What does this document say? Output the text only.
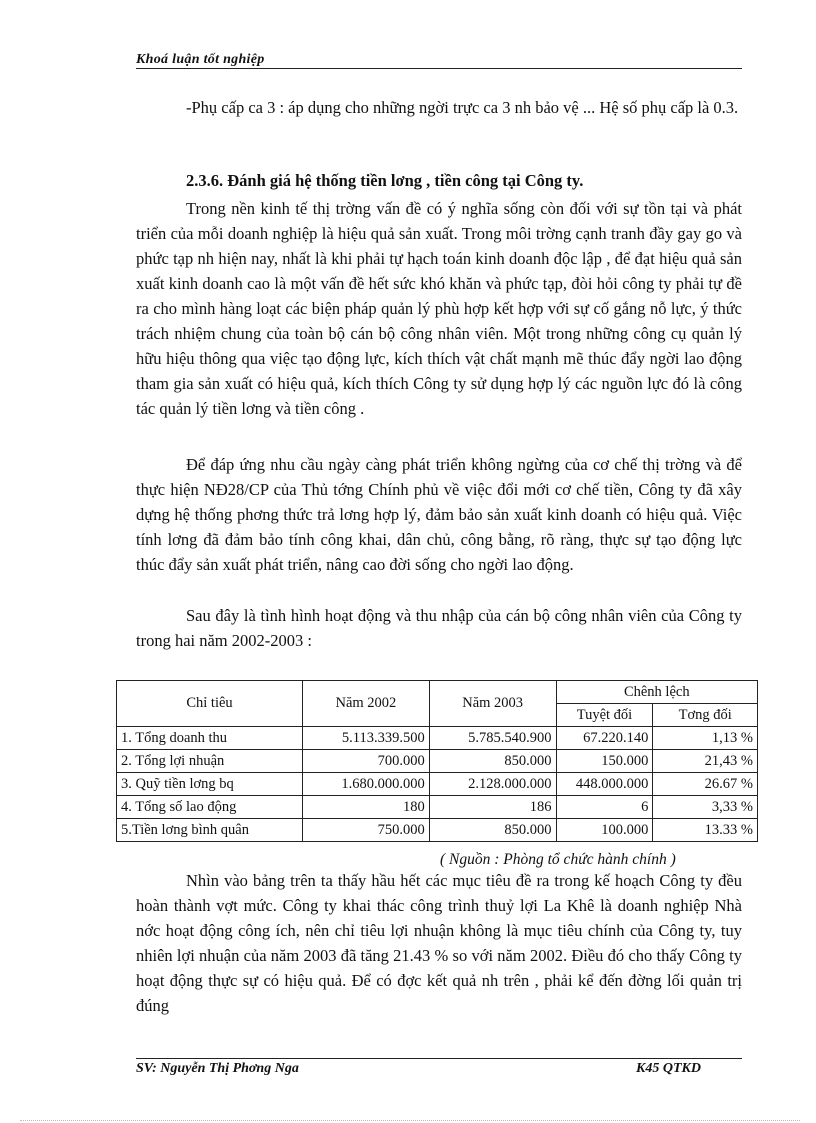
Khoá luận tốt nghiệp
-Phụ cấp ca 3 : áp dụng cho những ngời trực ca 3 nh bảo vệ ... Hệ số phụ cấp là 0.3.
2.3.6. Đánh giá hệ thống tiền lơng , tiền công tại Công ty.
Trong nền kinh tế thị trờng vấn đề có ý nghĩa sống còn đối với sự tồn tại và phát triển của mỗi doanh nghiệp là hiệu quả sản xuất. Trong môi trờng cạnh tranh đầy gay go và phức tạp nh hiện nay, nhất là khi phải tự hạch toán kinh doanh độc lập , để đạt hiệu quả sản xuất kinh doanh cao là một vấn đề hết sức khó khăn và phức tạp, đòi hỏi công ty phải tự đề ra cho mình hàng loạt các biện pháp quản lý phù hợp kết hợp với sự cố gắng nỗ lực, ý thức trách nhiệm chung của toàn bộ cán bộ công nhân viên. Một trong những công cụ quản lý hữu hiệu thông qua việc tạo động lực, kích thích vật chất mạnh mẽ thúc đẩy ngời lao động tham gia sản xuất có hiệu quả, kích thích Công ty sử dụng hợp lý các nguồn lực đó là công tác quản lý tiền lơng và tiền công .
Để đáp ứng nhu cầu ngày càng phát triển không ngừng của cơ chế thị trờng và để thực hiện NĐ28/CP của Thủ tớng Chính phủ về việc đổi mới cơ chế tiền, Công ty đã xây dựng hệ thống phơng thức trả lơng hợp lý, đảm bảo sản xuất kinh doanh có hiệu quả. Việc tính lơng đã đảm bảo tính công khai, dân chủ, công bằng, rõ ràng, thực sự tạo động lực thúc đẩy sản xuất phát triển, nâng cao đời sống cho ngời lao động.
Sau đây là tình hình hoạt động và thu nhập của cán bộ công nhân viên của Công ty trong hai năm 2002-2003 :
Chỉ tiêu	Năm 2002	Năm 2003	Chênh lệch	
			Tuyệt đối	Tơng đối
1. Tổng doanh thu	5.113.339.500	5.785.540.900	67.220.140	1,13 %
2. Tổng lợi nhuận	700.000	850.000	150.000	21,43 %
3. Quỹ tiền lơng bq	1.680.000.000	2.128.000.000	448.000.000	26.67 %
4. Tổng số lao động	180	186	6	3,33 %
5.Tiền lơng bình quân	750.000	850.000	100.000	13.33 %
( Nguồn : Phòng tổ chức hành chính )
Nhìn vào bảng trên ta thấy hầu hết các mục tiêu đề ra trong kế hoạch Công ty đều hoàn thành vợt mức. Công ty khai thác công trình thuỷ lợi La Khê là doanh nghiệp Nhà nớc hoạt động công ích, nên chỉ tiêu lợi nhuận không là mục tiêu chính của Công ty, tuy nhiên lợi nhuận của năm 2003 đã tăng 21.43 % so với năm 2002. Điều đó cho thấy Công ty hoạt động thực sự có hiệu quả. Để có đợc kết quả nh trên , phải kể đến đờng lối quản trị đúng
SV: Nguyễn Thị Phơng Nga	K45 QTKD
